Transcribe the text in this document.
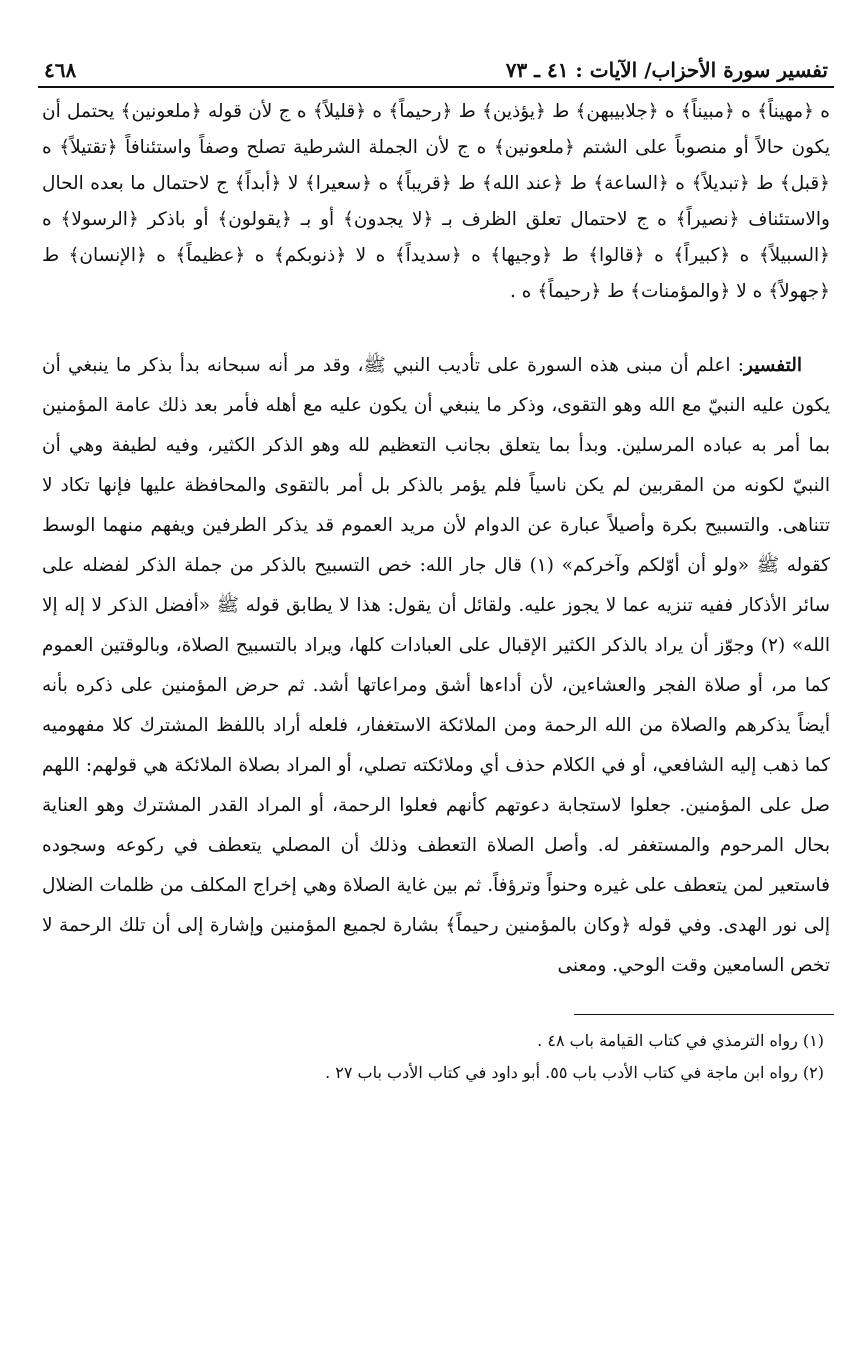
تفسير سورة الأحزاب/ الآيات : ٤١ ـ ٧٣
٤٦٨

ه ﴿مهيناً﴾ ه ﴿مبيناً﴾ ه ﴿جلابيبهن﴾ ط ﴿يؤذين﴾ ط ﴿رحيماً﴾ ه ﴿قليلاً﴾ ه ج لأن قوله ﴿ملعونين﴾ يحتمل أن يكون حالاً أو منصوباً على الشتم ﴿ملعونين﴾ ه ج لأن الجملة الشرطية تصلح وصفاً واستئنافاً ﴿تقتيلاً﴾ ه ﴿قبل﴾ ط ﴿تبديلاً﴾ ه ﴿الساعة﴾ ط ﴿عند الله﴾ ط ﴿قريباً﴾ ه ﴿سعيرا﴾ لا ﴿أبداً﴾ ج لاحتمال ما بعده الحال والاستئناف ﴿نصيراً﴾ ه ج لاحتمال تعلق الظرف بـ ﴿لا يجدون﴾ أو بـ ﴿يقولون﴾ أو باذكر ﴿الرسولا﴾ ه ﴿السبيلاً﴾ ه ﴿كبيراً﴾ ه ﴿قالوا﴾ ط ﴿وجيها﴾ ه ﴿سديداً﴾ ه لا ﴿ذنوبكم﴾ ه ﴿عظيماً﴾ ه ﴿الإنسان﴾ ط ﴿جهولاً﴾ ه لا ﴿والمؤمنات﴾ ط ﴿رحيماً﴾ ه .

التفسير: اعلم أن مبنى هذه السورة على تأديب النبي ﷺ، وقد مر أنه سبحانه بدأ بذكر ما ينبغي أن يكون عليه النبيّ مع الله وهو التقوى، وذكر ما ينبغي أن يكون عليه مع أهله فأمر بعد ذلك عامة المؤمنين بما أمر به عباده المرسلين. وبدأ بما يتعلق بجانب التعظيم لله وهو الذكر الكثير، وفيه لطيفة وهي أن النبيّ لكونه من المقربين لم يكن ناسياً فلم يؤمر بالذكر بل أمر بالتقوى والمحافظة عليها فإنها تكاد لا تتناهى. والتسبيح بكرة وأصيلاً عبارة عن الدوام لأن مريد العموم قد يذكر الطرفين ويفهم منهما الوسط كقوله ﷺ «ولو أن أوّلكم وآخركم» (١) قال جار الله: خص التسبيح بالذكر من جملة الذكر لفضله على سائر الأذكار ففيه تنزيه عما لا يجوز عليه. ولقائل أن يقول: هذا لا يطابق قوله ﷺ «أفضل الذكر لا إله إلا الله» (٢) وجوّز أن يراد بالذكر الكثير الإقبال على العبادات كلها، ويراد بالتسبيح الصلاة، وبالوقتين العموم كما مر، أو صلاة الفجر والعشاءين، لأن أداءها أشق ومراعاتها أشد. ثم حرض المؤمنين على ذكره بأنه أيضاً يذكرهم والصلاة من الله الرحمة ومن الملائكة الاستغفار، فلعله أراد باللفظ المشترك كلا مفهوميه كما ذهب إليه الشافعي، أو في الكلام حذف أي وملائكته تصلي، أو المراد بصلاة الملائكة هي قولهم: اللهم صل على المؤمنين. جعلوا لاستجابة دعوتهم كأنهم فعلوا الرحمة، أو المراد القدر المشترك وهو العناية بحال المرحوم والمستغفر له. وأصل الصلاة التعطف وذلك أن المصلي يتعطف في ركوعه وسجوده فاستعير لمن يتعطف على غيره وحنواً وترؤفاً. ثم بين غاية الصلاة وهي إخراج المكلف من ظلمات الضلال إلى نور الهدى. وفي قوله ﴿وكان بالمؤمنين رحيماً﴾ بشارة لجميع المؤمنين وإشارة إلى أن تلك الرحمة لا تخص السامعين وقت الوحي. ومعنى

(١) رواه الترمذي في كتاب القيامة باب ٤٨ .
(٢) رواه ابن ماجة في كتاب الأدب باب ٥٥. أبو داود في كتاب الأدب باب ٢٧ .
